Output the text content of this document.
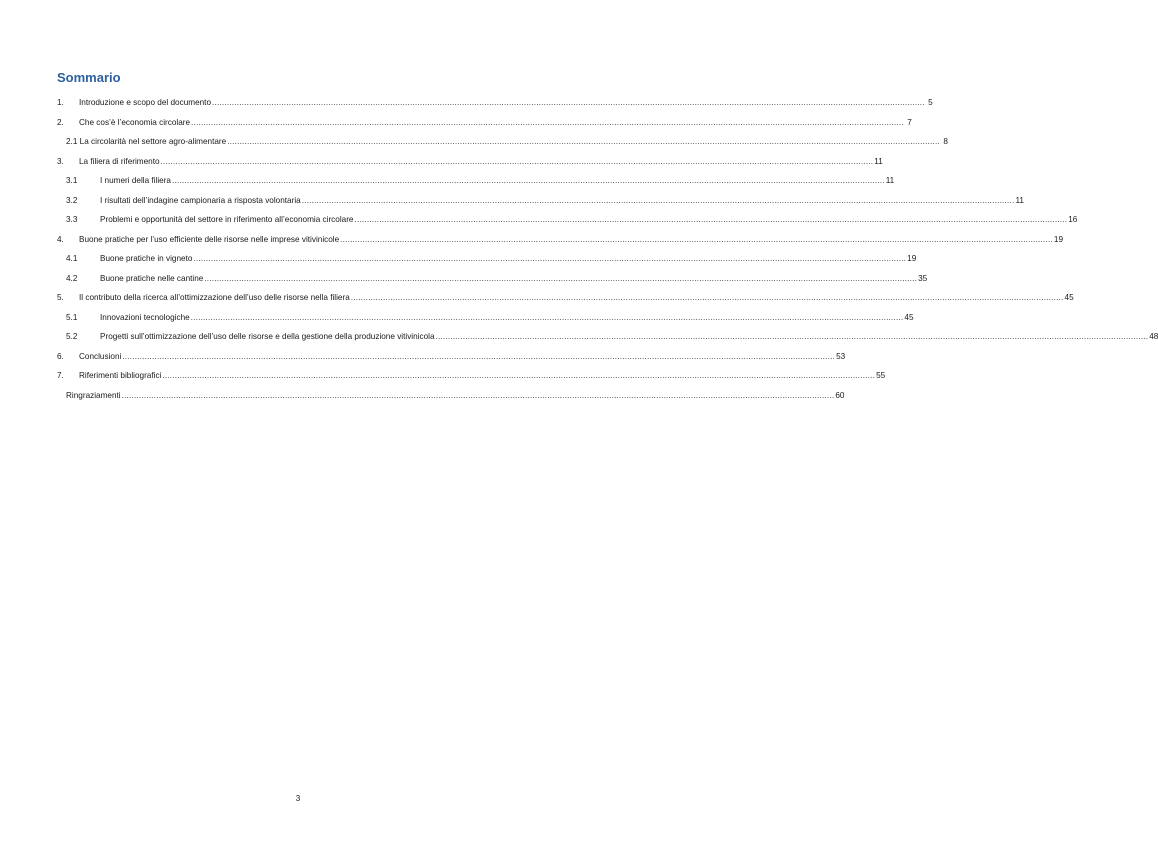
Sommario
1.	Introduzione e scopo del documento .....	5
2.	Che cos’è l’economia circolare .....	7
2.1 La circolarità nel settore agro-alimentare .....	8
3.	La filiera di riferimento .....	11
3.1	I numeri della filiera .....	11
3.2	I risultati dell’indagine campionaria a risposta volontaria .....	11
3.3	Problemi e opportunità del settore in riferimento all’economia circolare .....	16
4.	Buone pratiche per l’uso efficiente delle risorse nelle imprese vitivinicole .....	19
4.1	Buone pratiche in vigneto .....	19
4.2	Buone pratiche nelle cantine .....	35
5.	Il contributo della ricerca all’ottimizzazione dell’uso delle risorse nella filiera .....	45
5.1	Innovazioni tecnologiche .....	45
5.2	Progetti sull’ottimizzazione dell’uso delle risorse e della gestione della produzione vitivinicola .....	48
6.	Conclusioni .....	53
7.	Riferimenti bibliografici .....	55
Ringraziamenti .....	60
3
